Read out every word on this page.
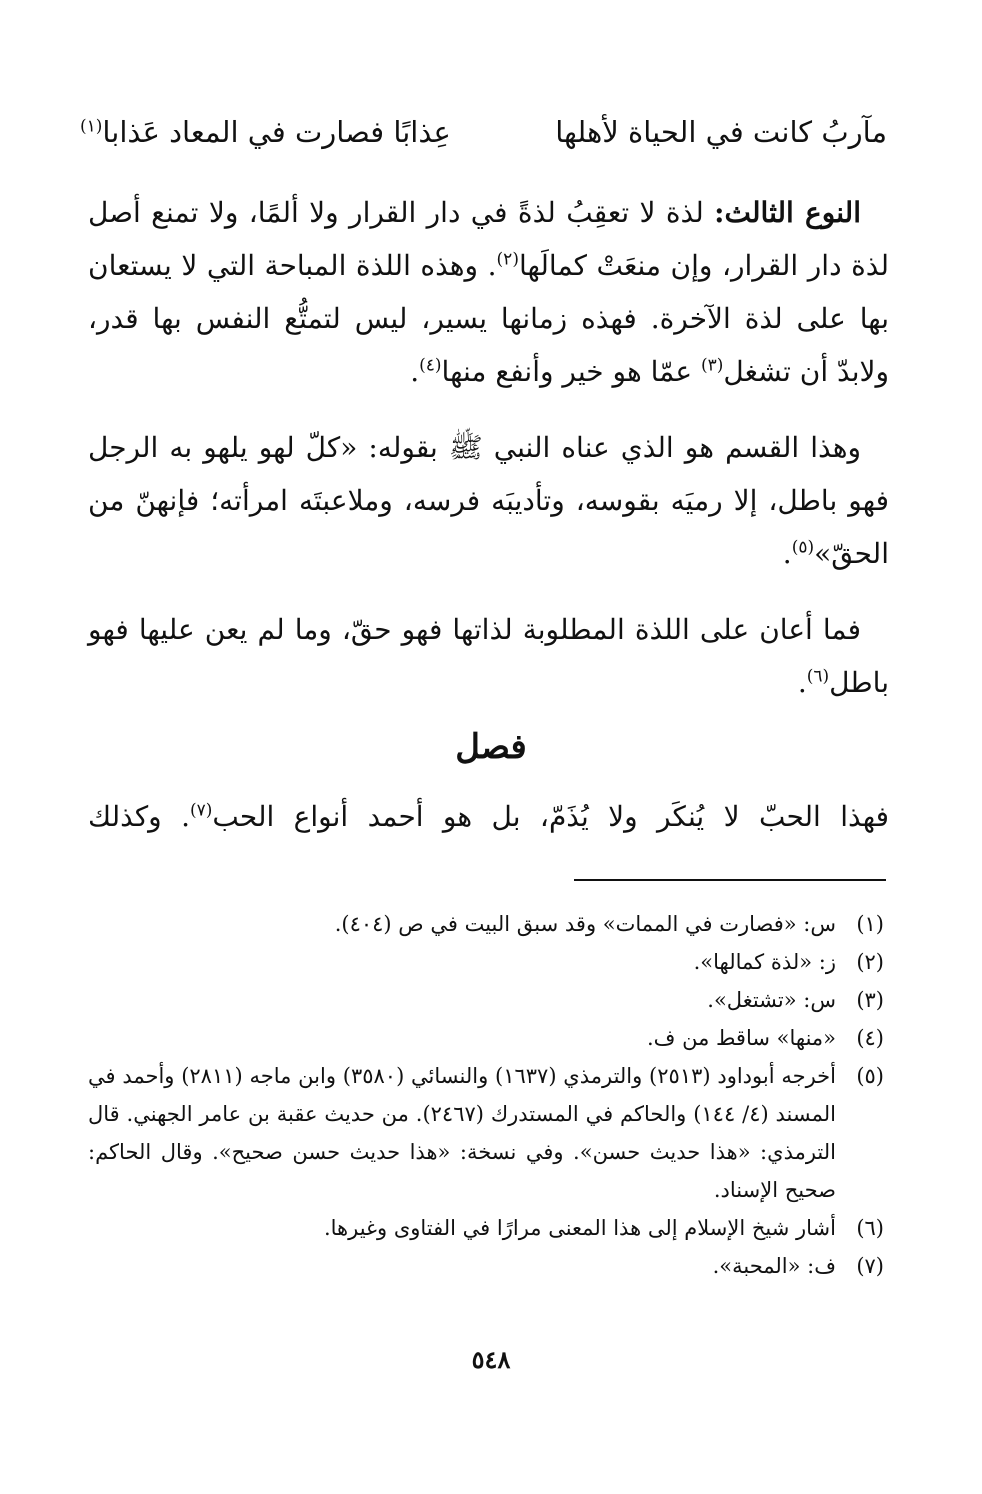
مآربُ كانت في الحياة لأهلها
عِذابًا فصارت في المعاد عَذابا$^{(١)}$

النوع الثالث: لذة لا تعقِبُ لذةً في دار القرار ولا ألمًا، ولا تمنع أصل لذة دار القرار، وإن منعَتْ كمالَها$^{(٢)}$. وهذه اللذة المباحة التي لا يستعان بها على لذة الآخرة. فهذه زمانها يسير، ليس لتمتُّع النفس بها قدر، ولابدّ أن تشغل$^{(٣)}$ عمّا هو خير وأنفع منها$^{(٤)}$.

وهذا القسم هو الذي عناه النبي ﷺ بقوله: «كلّ لهو يلهو به الرجل فهو باطل، إلا رميَه بقوسه، وتأديبَه فرسه، وملاعبتَه امرأته؛ فإنهنّ من الحقّ»$^{(٥)}$.

فما أعان على اللذة المطلوبة لذاتها فهو حقّ، وما لم يعن عليها فهو باطل$^{(٦)}$.

فصل
فهذا الحبّ لا يُنكَر ولا يُذَمّ، بل هو أحمد أنواع الحب$^{(٧)}$. وكذلك
(١)
س: «فصارت في الممات» وقد سبق البيت في ص (٤٠٤).
(٢)
ز: «لذة كمالها».
(٣)
س: «تشتغل».
(٤)
«منها» ساقط من ف.
(٥)
أخرجه أبوداود (٢٥١٣) والترمذي (١٦٣٧) والنسائي (٣٥٨٠) وابن ماجه (٢٨١١) وأحمد في المسند (٤/ ١٤٤) والحاكم في المستدرك (٢٤٦٧). من حديث عقبة بن عامر الجهني. قال الترمذي: «هذا حديث حسن». وفي نسخة: «هذا حديث حسن صحيح». وقال الحاكم: صحيح الإسناد.
(٦)
أشار شيخ الإسلام إلى هذا المعنى مرارًا في الفتاوى وغيرها.
(٧)
ف: «المحبة».
٥٤٨
